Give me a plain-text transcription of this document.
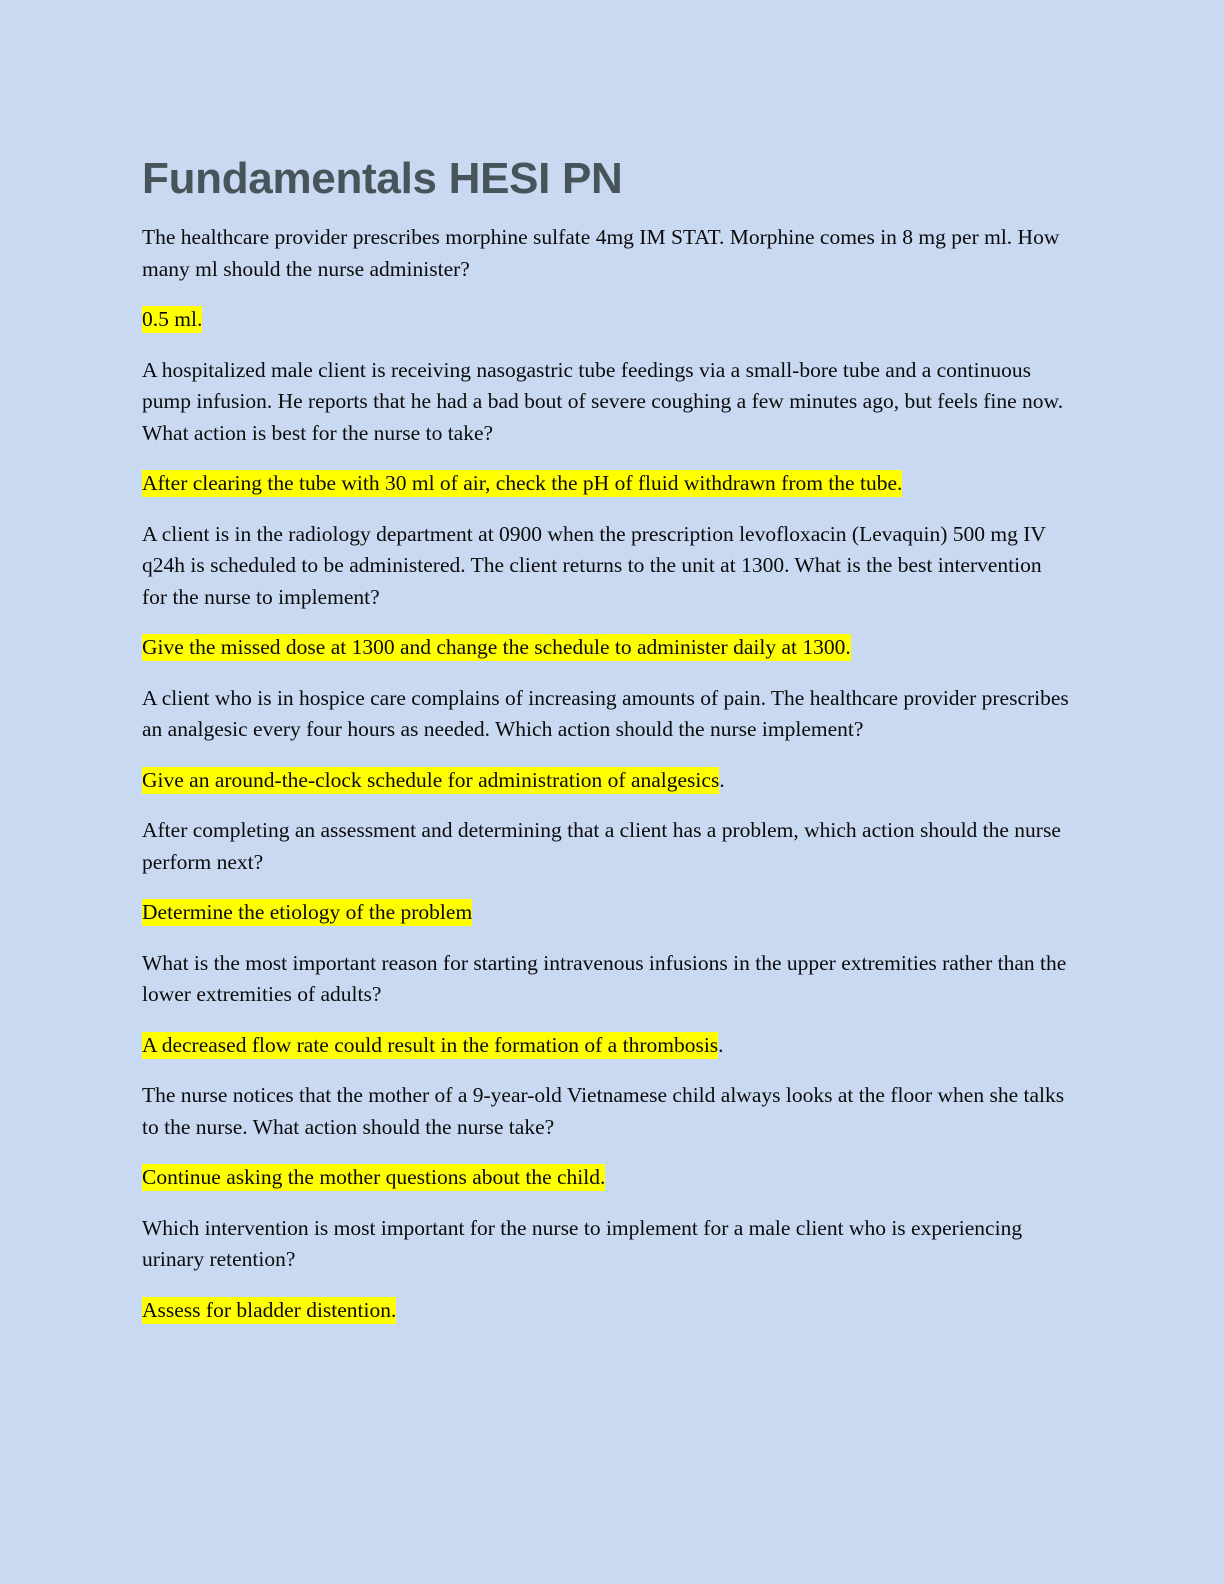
Fundamentals HESI PN

The healthcare provider prescribes morphine sulfate 4mg IM STAT. Morphine comes in 8 mg per ml. How many ml should the nurse administer?

0.5 ml.

A hospitalized male client is receiving nasogastric tube feedings via a small-bore tube and a continuous pump infusion. He reports that he had a bad bout of severe coughing a few minutes ago, but feels fine now. What action is best for the nurse to take?

After clearing the tube with 30 ml of air, check the pH of fluid withdrawn from the tube.

A client is in the radiology department at 0900 when the prescription levofloxacin (Levaquin) 500 mg IV q24h is scheduled to be administered. The client returns to the unit at 1300. What is the best intervention for the nurse to implement?

Give the missed dose at 1300 and change the schedule to administer daily at 1300.

A client who is in hospice care complains of increasing amounts of pain. The healthcare provider prescribes an analgesic every four hours as needed. Which action should the nurse implement?

Give an around-the-clock schedule for administration of analgesics.

After completing an assessment and determining that a client has a problem, which action should the nurse perform next?

Determine the etiology of the problem

What is the most important reason for starting intravenous infusions in the upper extremities rather than the lower extremities of adults?

A decreased flow rate could result in the formation of a thrombosis.

The nurse notices that the mother of a 9-year-old Vietnamese child always looks at the floor when she talks to the nurse. What action should the nurse take?

Continue asking the mother questions about the child.

Which intervention is most important for the nurse to implement for a male client who is experiencing urinary retention?

Assess for bladder distention.
